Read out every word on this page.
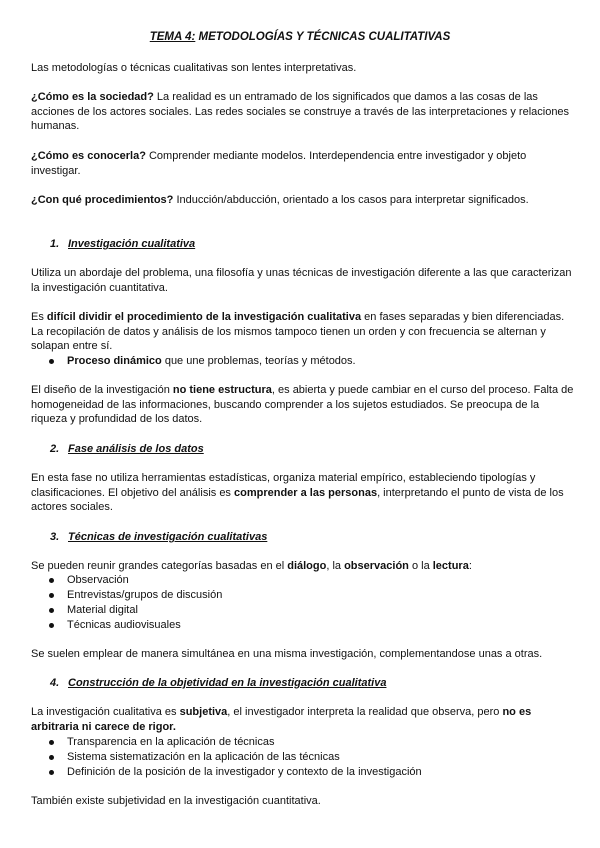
TEMA 4: METODOLOGÍAS Y TÉCNICAS CUALITATIVAS

Las metodologías o técnicas cualitativas son lentes interpretativas.

¿Cómo es la sociedad? La realidad es un entramado de los significados que damos a las cosas de las acciones de los actores sociales. Las redes sociales se construye a través de las interpretaciones y relaciones humanas.

¿Cómo es conocerla? Comprender mediante modelos. Interdependencia entre investigador y objeto investigar.

¿Con qué procedimientos? Inducción/abducción, orientado a los casos para interpretar significados.

1. Investigación cualitativa

Utiliza un abordaje del problema, una filosofía y unas técnicas de investigación diferente a las que caracterizan la investigación cuantitativa.

Es difícil dividir el procedimiento de la investigación cualitativa en fases separadas y bien diferenciadas. La recopilación de datos y análisis de los mismos tampoco tienen un orden y con frecuencia se alternan y solapan entre sí.

Proceso dinámico que une problemas, teorías y métodos.

El diseño de la investigación no tiene estructura, es abierta y puede cambiar en el curso del proceso. Falta de homogeneidad de las informaciones, buscando comprender a los sujetos estudiados. Se preocupa de la riqueza y profundidad de los datos.

2. Fase análisis de los datos

En esta fase no utiliza herramientas estadísticas, organiza material empírico, estableciendo tipologías y clasificaciones. El objetivo del análisis es comprender a las personas, interpretando el punto de vista de los actores sociales.

3. Técnicas de investigación cualitativas

Se pueden reunir grandes categorías basadas en el diálogo, la observación o la lectura:

Observación
Entrevistas/grupos de discusión
Material digital
Técnicas audiovisuales

Se suelen emplear de manera simultánea en una misma investigación, complementandose unas a otras.

4. Construcción de la objetividad en la investigación cualitativa

La investigación cualitativa es subjetiva, el investigador interpreta la realidad que observa, pero no es arbitraria ni carece de rigor.

Transparencia en la aplicación de técnicas
Sistema sistematización en la aplicación de las técnicas
Definición de la posición de la investigador y contexto de la investigación

También existe subjetividad en la investigación cuantitativa.
